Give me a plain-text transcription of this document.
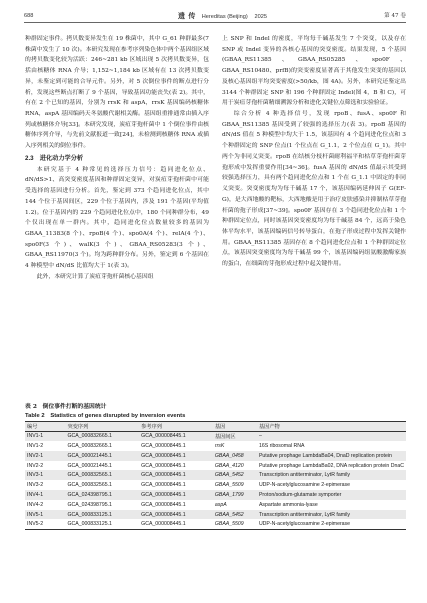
688	遗 传 Hereditas (Beijing) 2025	第 47 卷

种群固定事件。拷贝数变异发生在 19 株菌中，其中 G_61 种群最多(7 株菌中发生了 10 次)。本研究发现在参考序列染色体中两个基因组区域的拷贝数变化较为活跃：246~281 kb 区域出现 5 次拷贝数变异，包括由核糖体 RNA 介导；1,152~1,184 kb 区域有在 13 次拷贝数变异，未鉴定到可能的合导元件。另外，对 5 次倒位事件的断点进行分析，发现这些断点打断了 9 个基因，导致基因功能丧失(表 2)。其中，有在 2 个已知的基因，分别为 rrsK 和 aspA，rrsK 基因编码核糖体 RNA，aspA 基因编码天冬氨酸代谢相关酶。基因组重排通常由插入序列或核糖体介导[33]。本研究发现，炭疽芽孢杆菌中 1 个倒位事件由核糖体序列介导，与先前文献报道一致[24]，未检测到核糖体 RNA 或插入序列相关的倒位事件。

2.3　进化动力学分析

本研究基于 4 种常见的选择压力信号：趋同进化位点、dN/dS>1、高突变密度基因和种群固定变异，对炭疽芽孢杆菌中可能受选择的基因进行分析。首先，鉴定到 373 个趋同进化位点，其中 144 个位于基因间区，229 个位于基因内，涉及 191 个基因(平均值 1.2)。位于基因内的 229 个趋同进化位点中，180 个同种群分布，49 个仅出现在单一群内。其中，趋同进化位点数量较多的基因为 GBAA_11383(8 个)、rpoB(4 个)、spo0A(4 个)、relA(4 个)、spo0F(3 个)、walK(3 个)、GBAA_RS05283(3 个)、GBAA_RS11970(3 个)。均为跨种群分布。另外，鉴定到 6 个基因在 4 种模型中 dN/dS 比值均大于 1(表 3)。

此外，本研究计算了炭疽芽孢杆菌核心基因组

上 SNP 和 Indel 的密度，平均每千碱基发生 7 个突变，以及存在 SNP 或 Indel 变异的各核心基因的突变密度。结果发现，5 个基因(GBAA_RS11385、GBAA_RS05285、spo0F、GBAA_RS10480、prfB)的突变密度显著高于其他发生突变的基因以及核心基因组平均突变密度(>50/kb，图 4A)。另外，本研究还鉴定出 3144 个种群固定 SNP 和 196 个种群固定 Indel(图 4，B 和 C)，可用于炭疽芽孢杆菌精细溯源分析和进化关键位点筛选和实验验证。

综合分析 4 种选择信号，发现 rpoB、fusA、spo0F 和 GBAA_RS11385 基因受到了较强的选择压力(表 3)。rpoB 基因的 dN/dS 值在 5 种模型中均大于 1.5，该基因有 4 个趋同进化位点和 3 个种群固定的 SNP 位点(1 个位点在 G_1.1，2 个位点在 G_1)。其中两个为非同义突变。rpoB 在结核分枝杆菌耐利福平和枯草芽孢杆菌芽孢形成中发挥重要作用[34~36]。fusA 基因的 dN/dS 值最示其受到较强选择压力，具有两个趋同进化位点和 1 个在 G_1.1 中固定的非同义突变。突变密度均为每千碱基 17 个，该基因编码延伸因子 G(EF-G)，是大西地酸的靶标，大西地酸是用于治疗皮肤感染并抑制枯草芽孢杆菌的孢子形成[37~39]。spo0F 基因存在 3 个趋同进化位点和 1 个种群固定位点，同时该基因突变密度均为每千碱基 84 个，远高于染色体平均水平，该基因编码信号转导蛋白，在孢子形成过程中发挥关键作用。GBAA_RS11385 基因存在 8 个趋同进化位点和 1 个种群固定位点，该基因突变密度均为每千碱基 99 个，该基因编码组氨酸激酶家族的蛋白，在细菌的芽孢形成过程中起关键作用。

表 2　倒位事件打断的基因统计
Table 2　Statistics of genes disrupted by inversion events
编号	突变序列	参考序列	基因	基因产物
INV1-1	GCA_000832665.1	GCA_000008445.1	基因间区	–
INV1-2	GCA_000832665.1	GCA_000008445.1	rrsK	16S ribosomal RNA
INV2-1	GCA_000021445.1	GCA_000008445.1	GBAA_0458	Putative prophage LambdaBa04, DnaD replication protein
INV2-2	GCA_000021445.1	GCA_000008445.1	GBAA_4120	Putative prophage LambdaBa02, DNA replication protein DnaC
INV3-1	GCA_000832565.1	GCA_000008445.1	GBAA_5452	Transcription antiterminator, LytR family
INV3-2	GCA_000832565.1	GCA_000008445.1	GBAA_5509	UDP-N-acetylglucosamine 2-epimerase
INV4-1	GCA_024398795.1	GCA_000008445.1	GBAA_1799	Proton/sodium-glutamate symporter
INV4-2	GCA_024398795.1	GCA_000008445.1	aspA	Aspartate ammonia-lyase
INV5-1	GCA_000833125.1	GCA_000008445.1	GBAA_5452	Transcription antiterminator, LytR family
INV5-2	GCA_000833125.1	GCA_000008445.1	GBAA_5509	UDP-N-acetylglucosamine 2-epimerase
